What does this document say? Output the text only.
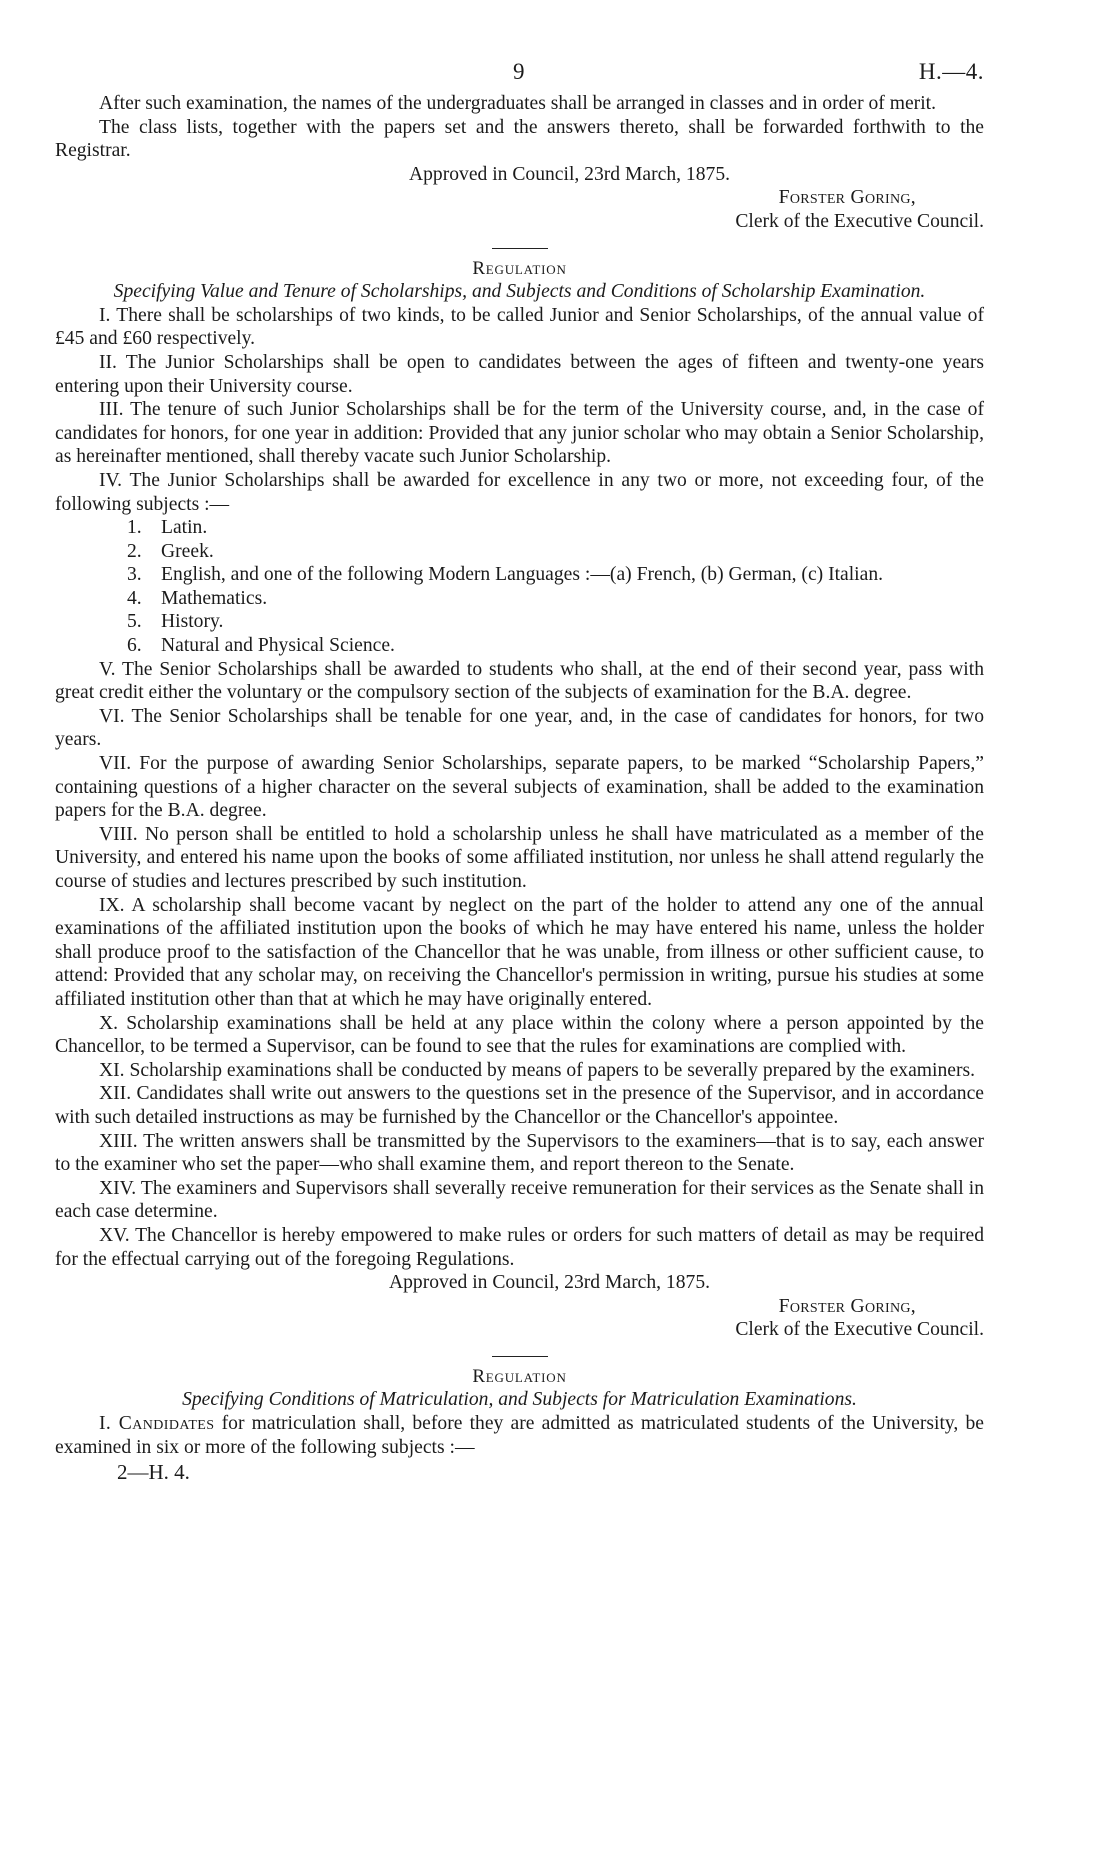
9	H.—4.

After such examination, the names of the undergraduates shall be arranged in classes and in order of merit.

The class lists, together with the papers set and the answers thereto, shall be forwarded forthwith to the Registrar.

Approved in Council, 23rd March, 1875.

Forster Goring,

Clerk of the Executive Council.

Regulation

Specifying Value and Tenure of Scholarships, and Subjects and Conditions of Scholarship Examination.

I. There shall be scholarships of two kinds, to be called Junior and Senior Scholarships, of the annual value of £45 and £60 respectively.

II. The Junior Scholarships shall be open to candidates between the ages of fifteen and twenty-one years entering upon their University course.

III. The tenure of such Junior Scholarships shall be for the term of the University course, and, in the case of candidates for honors, for one year in addition: Provided that any junior scholar who may obtain a Senior Scholarship, as hereinafter mentioned, shall thereby vacate such Junior Scholarship.

IV. The Junior Scholarships shall be awarded for excellence in any two or more, not exceeding four, of the following subjects :—

1. Latin.
2. Greek.
3. English, and one of the following Modern Languages :—(a) French, (b) German, (c) Italian.
4. Mathematics.
5. History.
6. Natural and Physical Science.

V. The Senior Scholarships shall be awarded to students who shall, at the end of their second year, pass with great credit either the voluntary or the compulsory section of the subjects of examination for the B.A. degree.

VI. The Senior Scholarships shall be tenable for one year, and, in the case of candidates for honors, for two years.

VII. For the purpose of awarding Senior Scholarships, separate papers, to be marked “Scholarship Papers,” containing questions of a higher character on the several subjects of examination, shall be added to the examination papers for the B.A. degree.

VIII. No person shall be entitled to hold a scholarship unless he shall have matriculated as a member of the University, and entered his name upon the books of some affiliated institution, nor unless he shall attend regularly the course of studies and lectures prescribed by such institution.

IX. A scholarship shall become vacant by neglect on the part of the holder to attend any one of the annual examinations of the affiliated institution upon the books of which he may have entered his name, unless the holder shall produce proof to the satisfaction of the Chancellor that he was unable, from illness or other sufficient cause, to attend: Provided that any scholar may, on receiving the Chancellor's permission in writing, pursue his studies at some affiliated institution other than that at which he may have originally entered.

X. Scholarship examinations shall be held at any place within the colony where a person appointed by the Chancellor, to be termed a Supervisor, can be found to see that the rules for examinations are complied with.

XI. Scholarship examinations shall be conducted by means of papers to be severally prepared by the examiners.

XII. Candidates shall write out answers to the questions set in the presence of the Supervisor, and in accordance with such detailed instructions as may be furnished by the Chancellor or the Chancellor's appointee.

XIII. The written answers shall be transmitted by the Supervisors to the examiners—that is to say, each answer to the examiner who set the paper—who shall examine them, and report thereon to the Senate.

XIV. The examiners and Supervisors shall severally receive remuneration for their services as the Senate shall in each case determine.

XV. The Chancellor is hereby empowered to make rules or orders for such matters of detail as may be required for the effectual carrying out of the foregoing Regulations.

Approved in Council, 23rd March, 1875.

Forster Goring,

Clerk of the Executive Council.

Regulation

Specifying Conditions of Matriculation, and Subjects for Matriculation Examinations.

I. Candidates for matriculation shall, before they are admitted as matriculated students of the University, be examined in six or more of the following subjects :—

2—H. 4.
